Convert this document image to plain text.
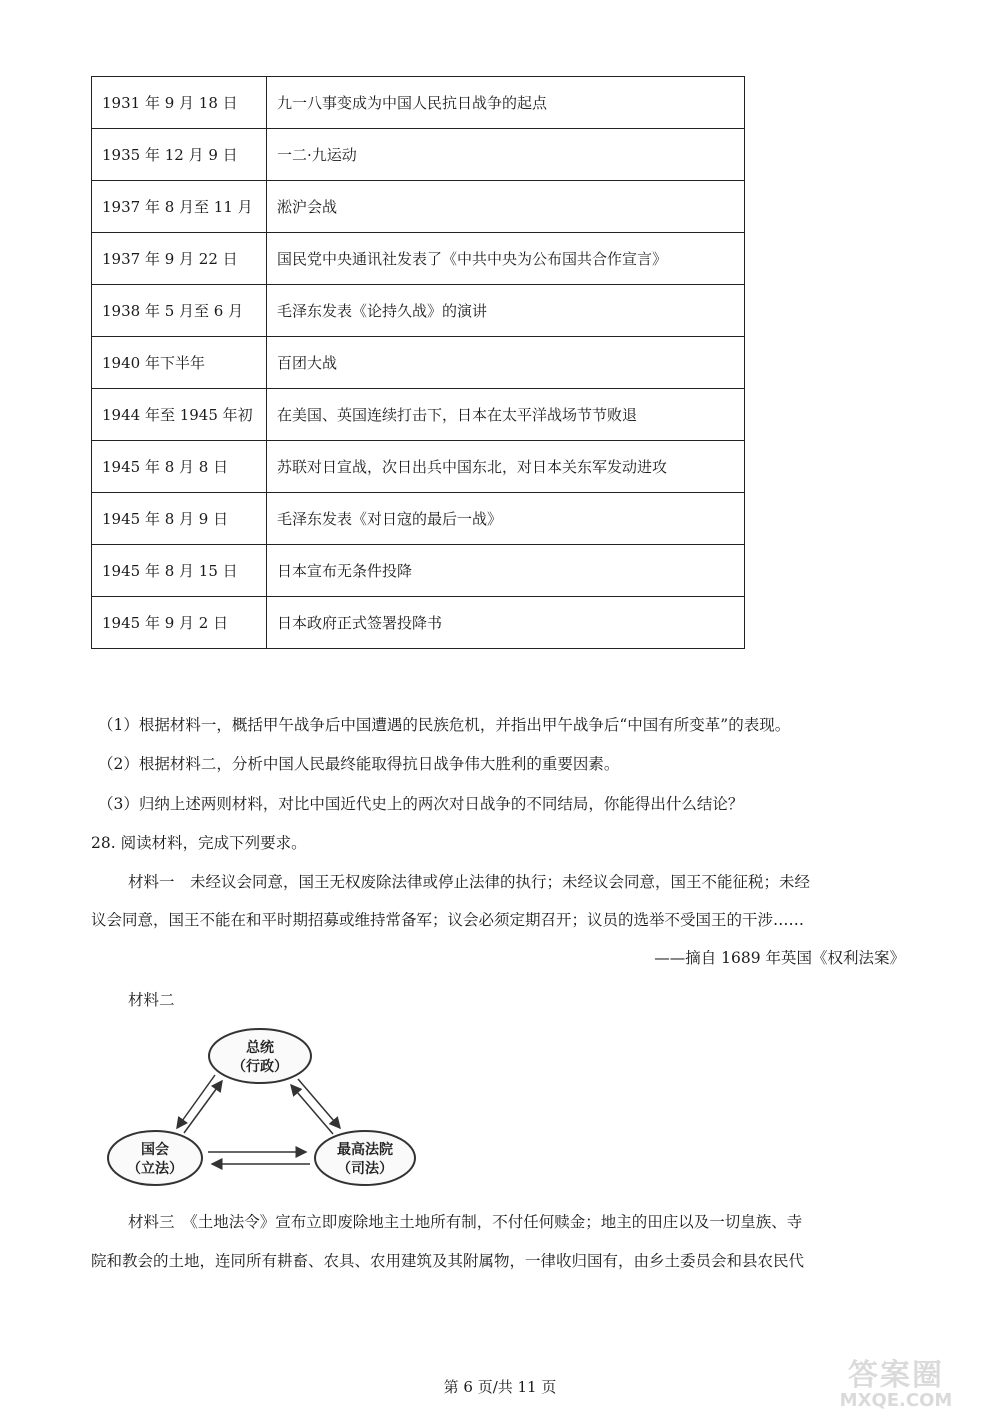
1931 年 9 月 18 日	九一八事变成为中国人民抗日战争的起点
1935 年 12 月 9 日	一二·九运动
1937 年 8 月至 11 月	淞沪会战
1937 年 9 月 22 日	国民党中央通讯社发表了《中共中央为公布国共合作宣言》
1938 年 5 月至 6 月	毛泽东发表《论持久战》的演讲
1940 年下半年	百团大战
1944 年至 1945 年初	在美国、英国连续打击下，日本在太平洋战场节节败退
1945 年 8 月 8 日	苏联对日宣战，次日出兵中国东北，对日本关东军发动进攻
1945 年 8 月 9 日	毛泽东发表《对日寇的最后一战》
1945 年 8 月 15 日	日本宣布无条件投降
1945 年 9 月 2 日	日本政府正式签署投降书
（1）根据材料一，概括甲午战争后中国遭遇的民族危机，并指出甲午战争后“中国有所变革”的表现。
（2）根据材料二，分析中国人民最终能取得抗日战争伟大胜利的重要因素。
（3）归纳上述两则材料，对比中国近代史上的两次对日战争的不同结局，你能得出什么结论？
28. 阅读材料，完成下列要求。
材料一　未经议会同意，国王无权废除法律或停止法律的执行；未经议会同意，国王不能征税；未经
议会同意，国王不能在和平时期招募或维持常备军；议会必须定期召开；议员的选举不受国王的干涉……
——摘自 1689 年英国《权利法案》
材料二
总统
（行政）
国会
（立法）
最高法院
（司法）
材料三　《土地法令》宣布立即废除地主土地所有制，不付任何赎金；地主的田庄以及一切皇族、寺
院和教会的土地，连同所有耕畜、农具、农用建筑及其附属物，一律收归国有，由乡土委员会和县农民代
第 6 页/共 11 页	答案圈
MXQE.COM
